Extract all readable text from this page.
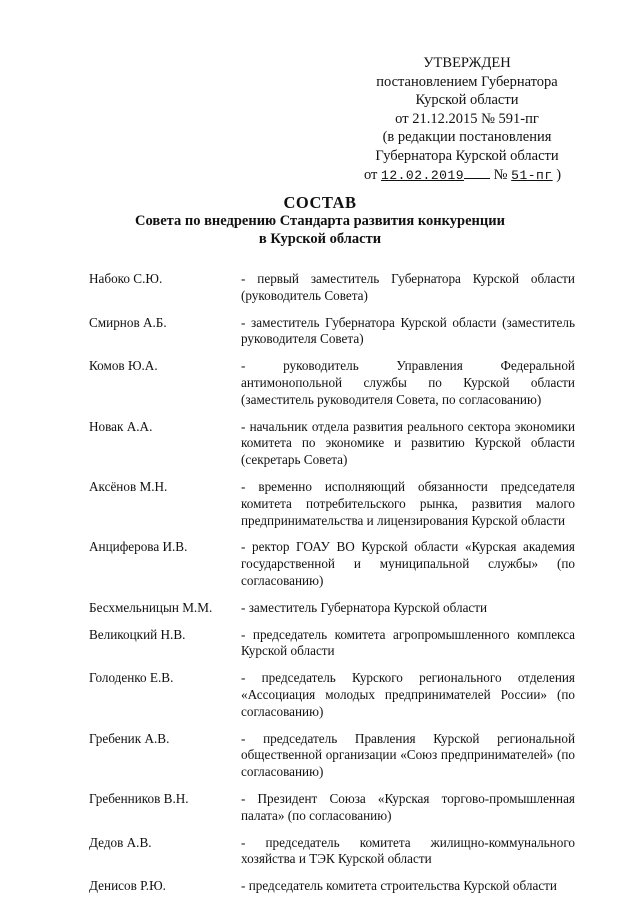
УТВЕРЖДЕН
постановлением Губернатора
Курской области
от 21.12.2015 № 591-пг
(в редакции постановления
Губернатора Курской области
от 12.02.2019 № 51-пг )
СОСТАВ
Совета по внедрению Стандарта развития конкуренции
в Курской области
Набоко С.Ю.	- первый заместитель Губернатора Курской области (руководитель Совета)
Смирнов А.Б.	- заместитель Губернатора Курской области (заместитель руководителя Совета)
Комов Ю.А.	- руководитель Управления Федеральной антимонопольной службы по Курской области (заместитель руководителя Совета, по согласованию)
Новак А.А.	- начальник отдела развития реального сектора экономики комитета по экономике и развитию Курской области (секретарь Совета)
Аксёнов М.Н.	- временно исполняющий обязанности председателя комитета потребительского рынка, развития малого предпринимательства и лицензирования Курской области
Анциферова И.В.	- ректор ГОАУ ВО Курской области «Курская академия государственной и муниципальной службы» (по согласованию)
Бесхмельницын М.М.	- заместитель Губернатора Курской области
Великоцкий Н.В.	- председатель комитета агропромышленного комплекса Курской области
Голоденко Е.В.	- председатель Курского регионального отделения «Ассоциация молодых предпринимателей России» (по согласованию)
Гребеник А.В.	- председатель Правления Курской региональной общественной организации «Союз предпринимателей» (по согласованию)
Гребенников В.Н.	- Президент Союза «Курская торгово-промышленная палата» (по согласованию)
Дедов А.В.	- председатель комитета жилищно-коммунального хозяйства и ТЭК Курской области
Денисов Р.Ю.	- председатель комитета строительства Курской области
